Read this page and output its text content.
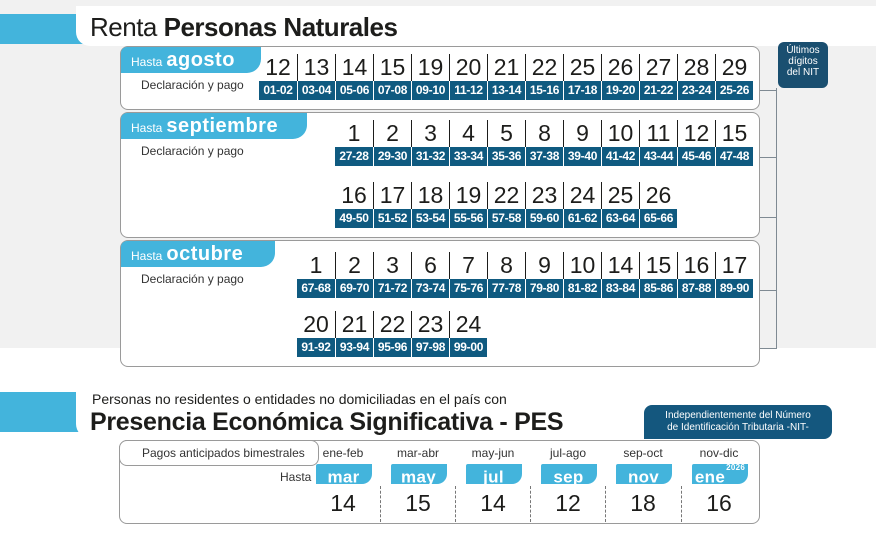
Renta Personas Naturales
Últimos
dígitos
del NIT
Hasta agosto
Declaración y pago
12
01-02
13
03-04
14
05-06
15
07-08
19
09-10
20
11-12
21
13-14
22
15-16
25
17-18
26
19-20
27
21-22
28
23-24
29
25-26
Hasta septiembre
Declaración y pago
1
27-28
2
29-30
3
31-32
4
33-34
5
35-36
8
37-38
9
39-40
10
41-42
11
43-44
12
45-46
15
47-48
16
49-50
17
51-52
18
53-54
19
55-56
22
57-58
23
59-60
24
61-62
25
63-64
26
65-66
Hasta octubre
Declaración y pago
1
67-68
2
69-70
3
71-72
6
73-74
7
75-76
8
77-78
9
79-80
10
81-82
14
83-84
15
85-86
16
87-88
17
89-90
20
91-92
21
93-94
22
95-96
23
97-98
24
99-00
Personas no residentes o entidades no domiciliadas en el país con
Presencia Económica Significativa - PES	Independientemente del Número
de Identificación Tributaria -NIT-
Pagos anticipados bimestrales
Hasta
ene-feb
mar
14
mar-abr
may
15
may-jun
jul
14
jul-ago
sep
12
sep-oct
nov
18
nov-dic
ene$^{2026}$
16
